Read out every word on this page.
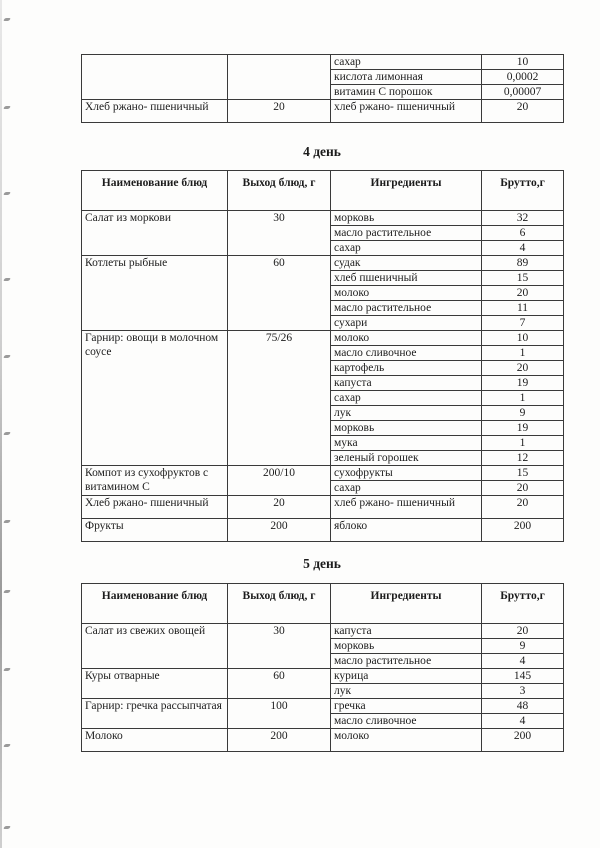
		сахар	10
		кислота лимонная	0,0002
		витамин С порошок	0,00007
Хлеб ржано- пшеничный	20	хлеб ржано- пшеничный	20
4 день
Наименование блюд	Выход блюд, г	Ингредиенты	Брутто,г
Салат из моркови	30	морковь	32
		масло растительное	6
		сахар	4
Котлеты рыбные	60	судак	89
		хлеб пшеничный	15
		молоко	20
		масло растительное	11
		сухари	7
Гарнир: овощи в молочном соусе	75/26	молоко	10
		масло сливочное	1
		картофель	20
		капуста	19
		сахар	1
		лук	9
		морковь	19
		мука	1
		зеленый горошек	12
Компот из сухофруктов с витамином С	200/10	сухофрукты	15
		сахар	20
Хлеб ржано- пшеничный	20	хлеб ржано- пшеничный	20
Фрукты	200	яблоко	200
5 день
Наименование блюд	Выход блюд, г	Ингредиенты	Брутто,г
Салат из свежих овощей	30	капуста	20
		морковь	9
		масло растительное	4
Куры отварные	60	курица	145
		лук	3
Гарнир: гречка рассыпчатая	100	гречка	48
		масло сливочное	4
Молоко	200	молоко	200
